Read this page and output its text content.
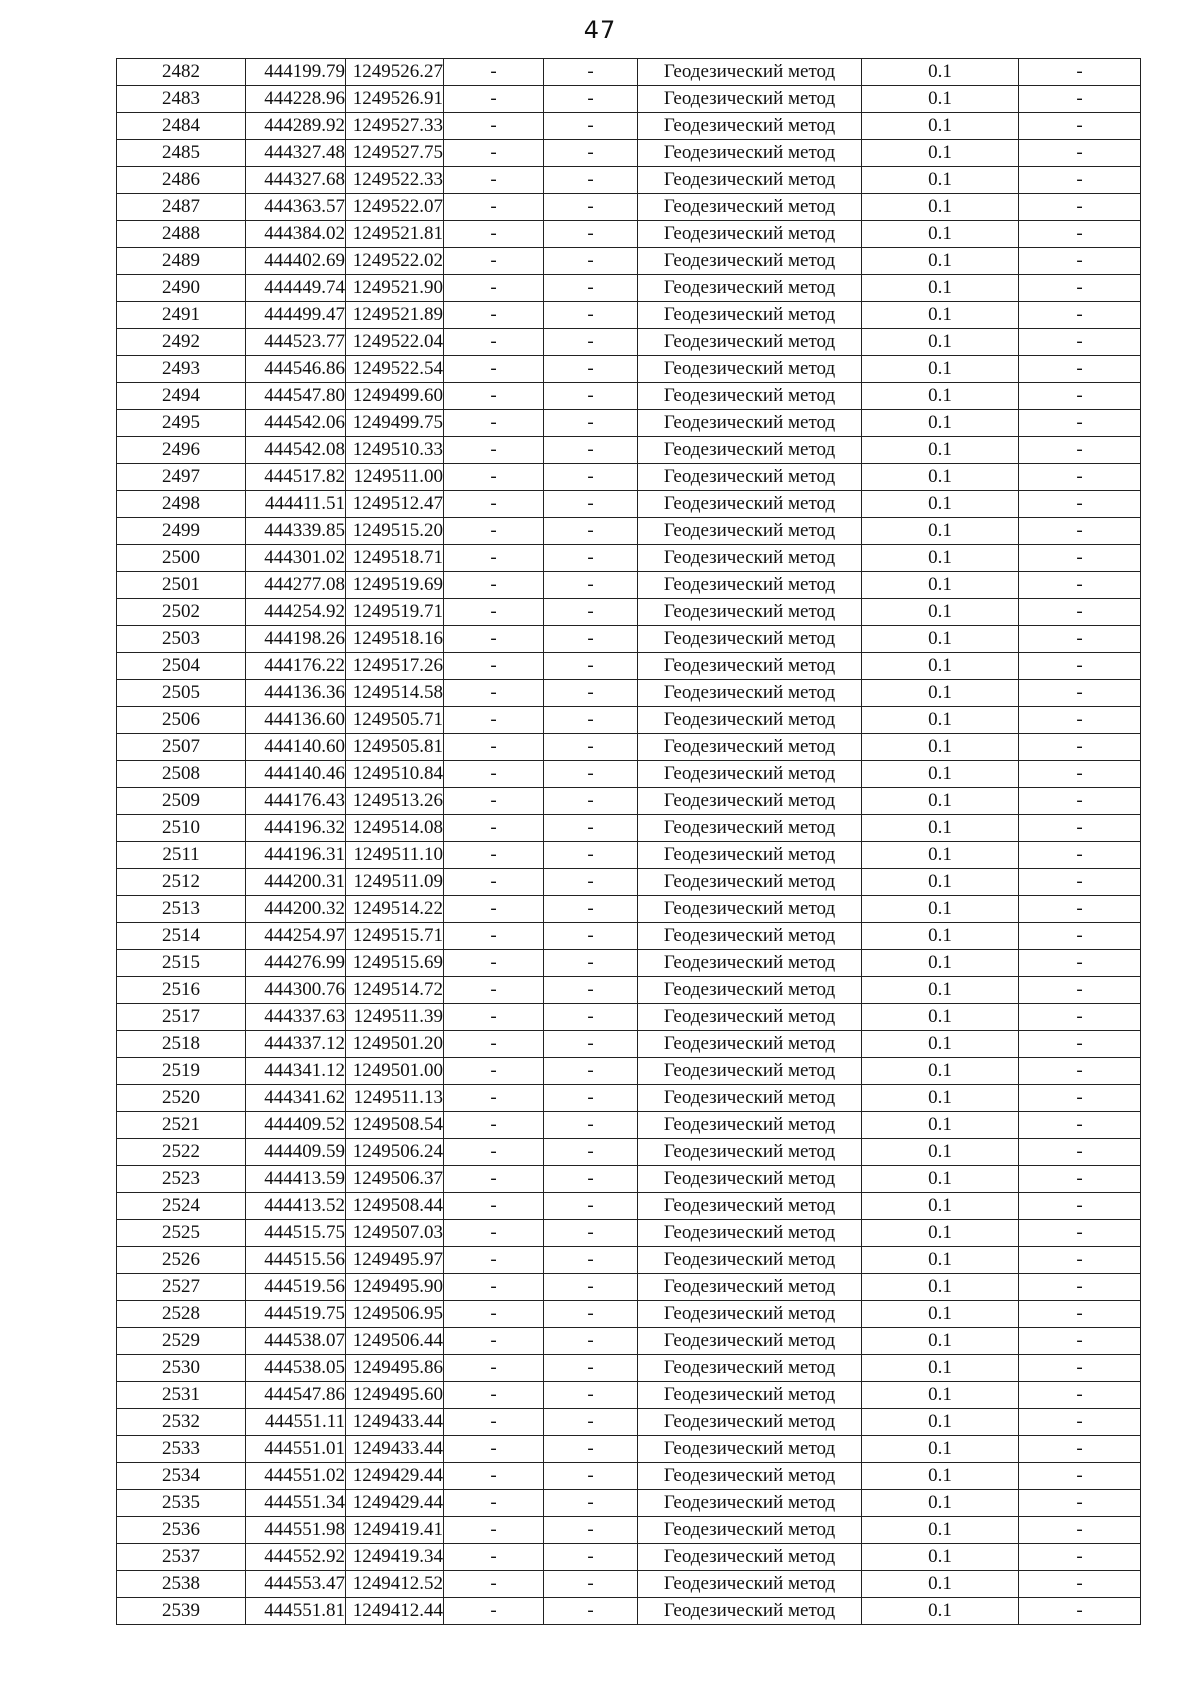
47
2482	444199.79	1249526.27	-	-	Геодезический метод	0.1	-
2483	444228.96	1249526.91	-	-	Геодезический метод	0.1	-
2484	444289.92	1249527.33	-	-	Геодезический метод	0.1	-
2485	444327.48	1249527.75	-	-	Геодезический метод	0.1	-
2486	444327.68	1249522.33	-	-	Геодезический метод	0.1	-
2487	444363.57	1249522.07	-	-	Геодезический метод	0.1	-
2488	444384.02	1249521.81	-	-	Геодезический метод	0.1	-
2489	444402.69	1249522.02	-	-	Геодезический метод	0.1	-
2490	444449.74	1249521.90	-	-	Геодезический метод	0.1	-
2491	444499.47	1249521.89	-	-	Геодезический метод	0.1	-
2492	444523.77	1249522.04	-	-	Геодезический метод	0.1	-
2493	444546.86	1249522.54	-	-	Геодезический метод	0.1	-
2494	444547.80	1249499.60	-	-	Геодезический метод	0.1	-
2495	444542.06	1249499.75	-	-	Геодезический метод	0.1	-
2496	444542.08	1249510.33	-	-	Геодезический метод	0.1	-
2497	444517.82	1249511.00	-	-	Геодезический метод	0.1	-
2498	444411.51	1249512.47	-	-	Геодезический метод	0.1	-
2499	444339.85	1249515.20	-	-	Геодезический метод	0.1	-
2500	444301.02	1249518.71	-	-	Геодезический метод	0.1	-
2501	444277.08	1249519.69	-	-	Геодезический метод	0.1	-
2502	444254.92	1249519.71	-	-	Геодезический метод	0.1	-
2503	444198.26	1249518.16	-	-	Геодезический метод	0.1	-
2504	444176.22	1249517.26	-	-	Геодезический метод	0.1	-
2505	444136.36	1249514.58	-	-	Геодезический метод	0.1	-
2506	444136.60	1249505.71	-	-	Геодезический метод	0.1	-
2507	444140.60	1249505.81	-	-	Геодезический метод	0.1	-
2508	444140.46	1249510.84	-	-	Геодезический метод	0.1	-
2509	444176.43	1249513.26	-	-	Геодезический метод	0.1	-
2510	444196.32	1249514.08	-	-	Геодезический метод	0.1	-
2511	444196.31	1249511.10	-	-	Геодезический метод	0.1	-
2512	444200.31	1249511.09	-	-	Геодезический метод	0.1	-
2513	444200.32	1249514.22	-	-	Геодезический метод	0.1	-
2514	444254.97	1249515.71	-	-	Геодезический метод	0.1	-
2515	444276.99	1249515.69	-	-	Геодезический метод	0.1	-
2516	444300.76	1249514.72	-	-	Геодезический метод	0.1	-
2517	444337.63	1249511.39	-	-	Геодезический метод	0.1	-
2518	444337.12	1249501.20	-	-	Геодезический метод	0.1	-
2519	444341.12	1249501.00	-	-	Геодезический метод	0.1	-
2520	444341.62	1249511.13	-	-	Геодезический метод	0.1	-
2521	444409.52	1249508.54	-	-	Геодезический метод	0.1	-
2522	444409.59	1249506.24	-	-	Геодезический метод	0.1	-
2523	444413.59	1249506.37	-	-	Геодезический метод	0.1	-
2524	444413.52	1249508.44	-	-	Геодезический метод	0.1	-
2525	444515.75	1249507.03	-	-	Геодезический метод	0.1	-
2526	444515.56	1249495.97	-	-	Геодезический метод	0.1	-
2527	444519.56	1249495.90	-	-	Геодезический метод	0.1	-
2528	444519.75	1249506.95	-	-	Геодезический метод	0.1	-
2529	444538.07	1249506.44	-	-	Геодезический метод	0.1	-
2530	444538.05	1249495.86	-	-	Геодезический метод	0.1	-
2531	444547.86	1249495.60	-	-	Геодезический метод	0.1	-
2532	444551.11	1249433.44	-	-	Геодезический метод	0.1	-
2533	444551.01	1249433.44	-	-	Геодезический метод	0.1	-
2534	444551.02	1249429.44	-	-	Геодезический метод	0.1	-
2535	444551.34	1249429.44	-	-	Геодезический метод	0.1	-
2536	444551.98	1249419.41	-	-	Геодезический метод	0.1	-
2537	444552.92	1249419.34	-	-	Геодезический метод	0.1	-
2538	444553.47	1249412.52	-	-	Геодезический метод	0.1	-
2539	444551.81	1249412.44	-	-	Геодезический метод	0.1	-
